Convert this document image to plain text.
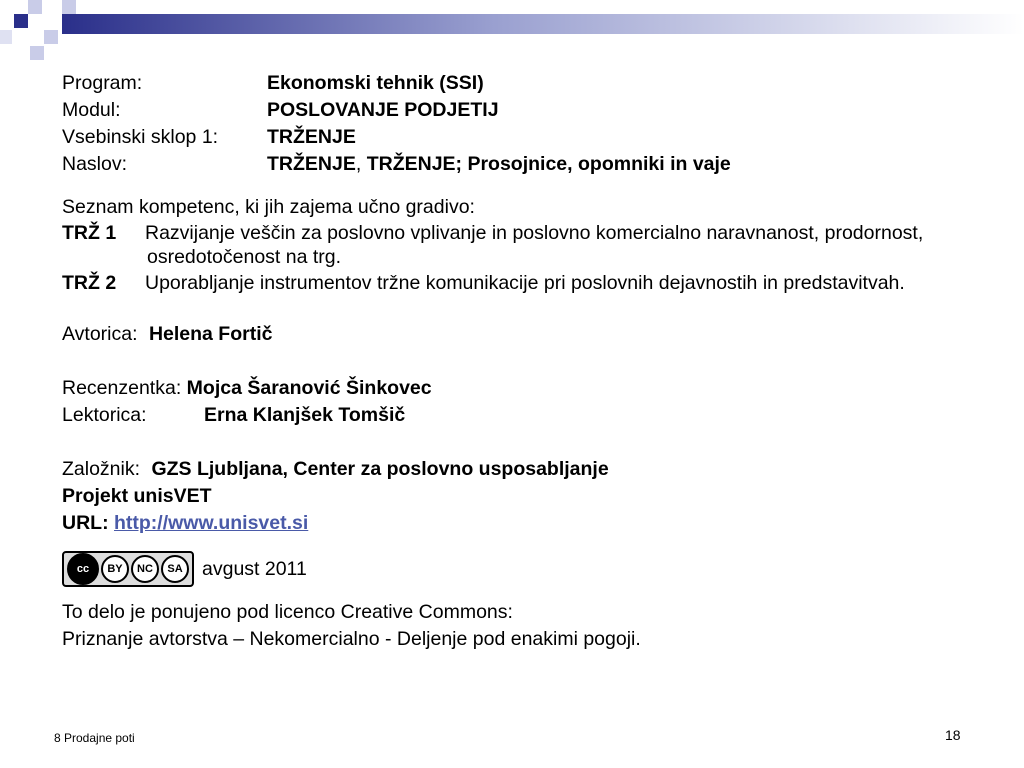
Program:	Ekonomski tehnik (SSI)
Modul:	POSLOVANJE PODJETIJ
Vsebinski sklop 1:	TRŽENJE
Naslov:	TRŽENJE, TRŽENJE; Prosojnice, opomniki in vaje
Seznam kompetenc, ki jih zajema učno gradivo:
TRŽ 1 Razvijanje veščin za poslovno vplivanje in poslovno komercialno naravnanost, prodornost, osredotočenost na trg.
TRŽ 2 Uporabljanje instrumentov tržne komunikacije pri poslovnih dejavnostih in predstavitvah.
Avtorica: Helena Fortič
Recenzentka: Mojca Šaranović Šinkovec
Lektorica:	Erna Klanjšek Tomšič
Založnik: GZS Ljubljana, Center za poslovno usposabljanje
Projekt unisVET
URL: http://www.unisvet.si
cc	BY	NC	SA avgust 2011
To delo je ponujeno pod licenco Creative Commons:
Priznanje avtorstva – Nekomercialno - Deljenje pod enakimi pogoji.
8 Prodajne poti	18
